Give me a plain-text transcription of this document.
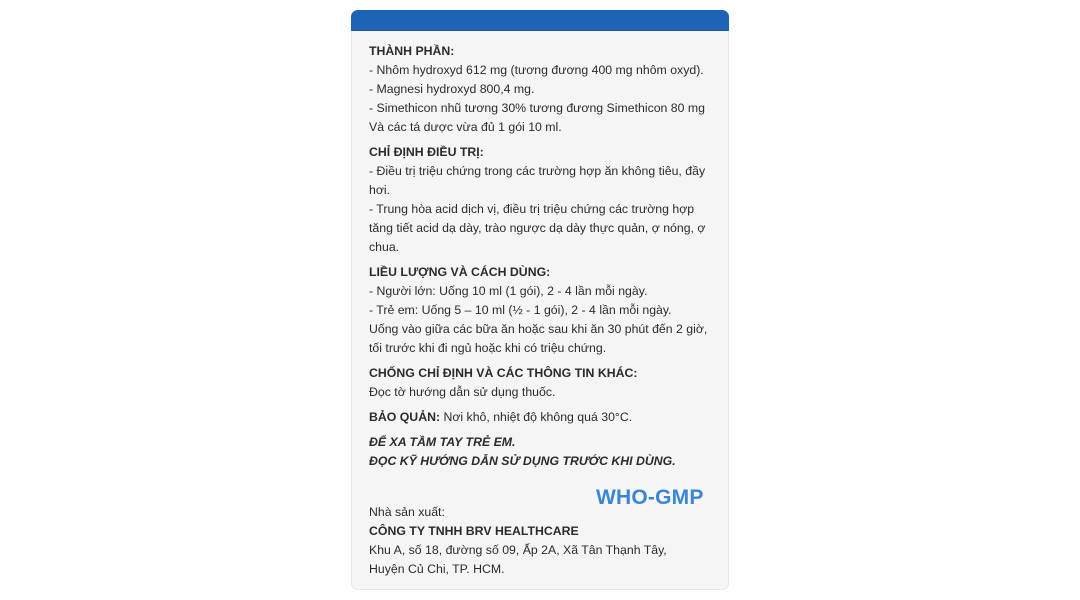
THÀNH PHẦN:
- Nhôm hydroxyd 612 mg (tương đương 400 mg nhôm oxyd).
- Magnesi hydroxyd 800,4 mg.
- Simethicon nhũ tương 30% tương đương Simethicon 80 mg
Và các tá dược vừa đủ 1 gói 10 ml.
CHỈ ĐỊNH ĐIỀU TRỊ:
- Điều trị triệu chứng trong các trường hợp ăn không tiêu, đầy hơi.
- Trung hòa acid dịch vị, điều trị triệu chứng các trường hợp tăng tiết acid dạ dày, trào ngược dạ dày thực quản, ợ nóng, ợ chua.
LIỀU LƯỢNG VÀ CÁCH DÙNG:
- Người lớn: Uống 10 ml (1 gói), 2 - 4 lần mỗi ngày.
- Trẻ em: Uống 5 – 10 ml (½ - 1 gói), 2 - 4 lần mỗi ngày.
Uống vào giữa các bữa ăn hoặc sau khi ăn 30 phút đến 2 giờ, tối trước khi đi ngủ hoặc khi có triệu chứng.
CHỐNG CHỈ ĐỊNH VÀ CÁC THÔNG TIN KHÁC:
Đọc tờ hướng dẫn sử dụng thuốc.
BẢO QUẢN: Nơi khô, nhiệt độ không quá 30°C.
ĐỂ XA TẦM TAY TRẺ EM.
ĐỌC KỸ HƯỚNG DẪN SỬ DỤNG TRƯỚC KHI DÙNG.
WHO-GMP
Nhà sản xuất:
CÔNG TY TNHH BRV HEALTHCARE
Khu A, số 18, đường số 09, Ấp 2A, Xã Tân Thạnh Tây,
Huyện Củ Chi, TP. HCM.
